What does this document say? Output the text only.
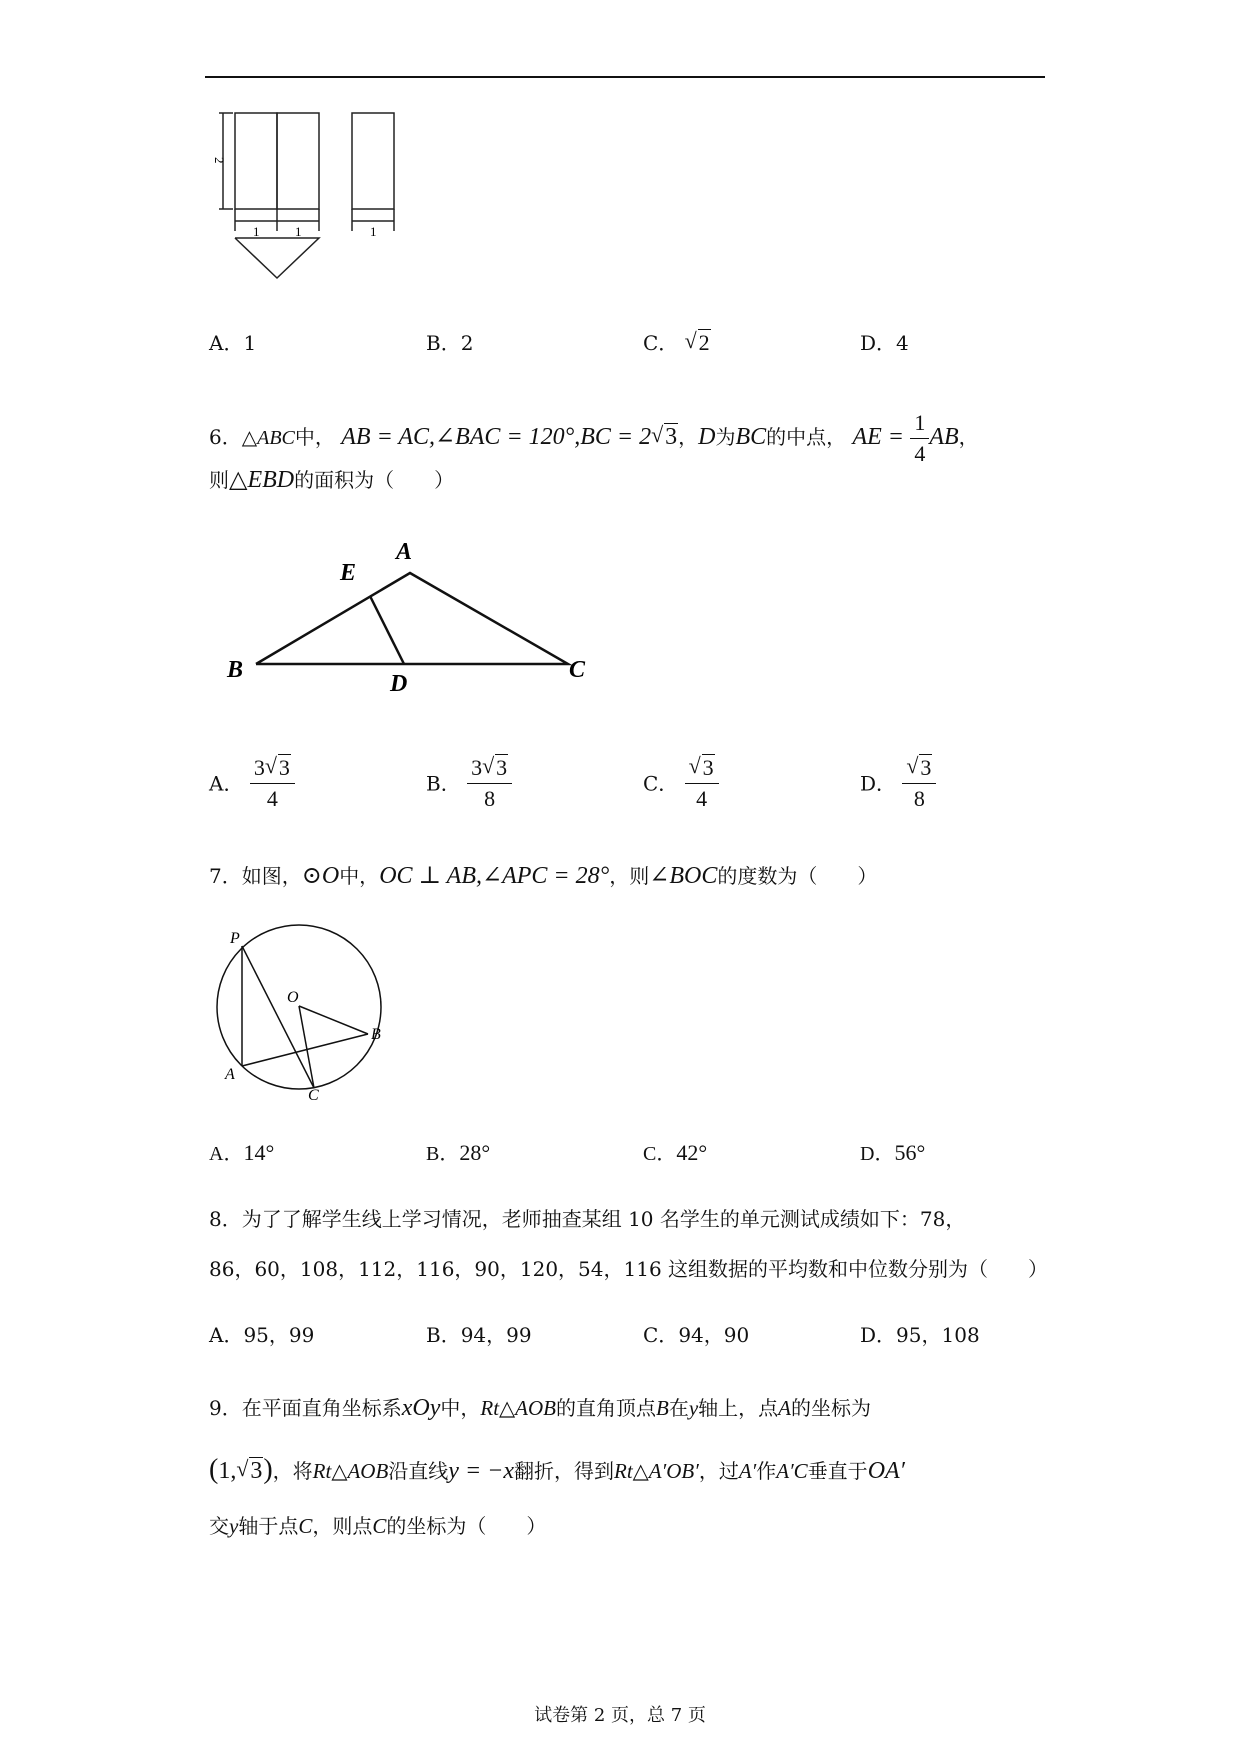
2
1	1	1
A．1	B．2	C． √ 2	D．4
6．△ABC中， AB = AC,∠BAC = 120°,BC = 2 √ 3，D为BC的中点， AE = $\frac{1}{4}$ AB，
则△EBD的面积为（　　）
A
E
B
D
C
A． $\frac{3 √ 3}{4}$	B． $\frac{3 √ 3}{8}$	C． √ $\frac{3}{4}$	D． √ $\frac{3}{8}$
7．如图，⊙O中，OC ⊥ AB,∠APC = 28°，则∠BOC的度数为（　　）
P
O
B
A
C
A．14°	B．28°	C．42°	D．56°
8．为了了解学生线上学习情况，老师抽查某组 10 名学生的单元测试成绩如下：78，
86，60，108，112，116，90，120，54，116 这组数据的平均数和中位数分别为（　　）
A．95，99	B．94，99	C．94，90	D．95，108
9．在平面直角坐标系xOy中，Rt△AOB的直角顶点B在y轴上，点A的坐标为
(1, √ 3)，将Rt△AOB沿直线y = −x翻折，得到Rt△A′OB′，过A′作A′C垂直于OA′
交y轴于点C，则点C的坐标为（　　）
试卷第 2 页，总 7 页
